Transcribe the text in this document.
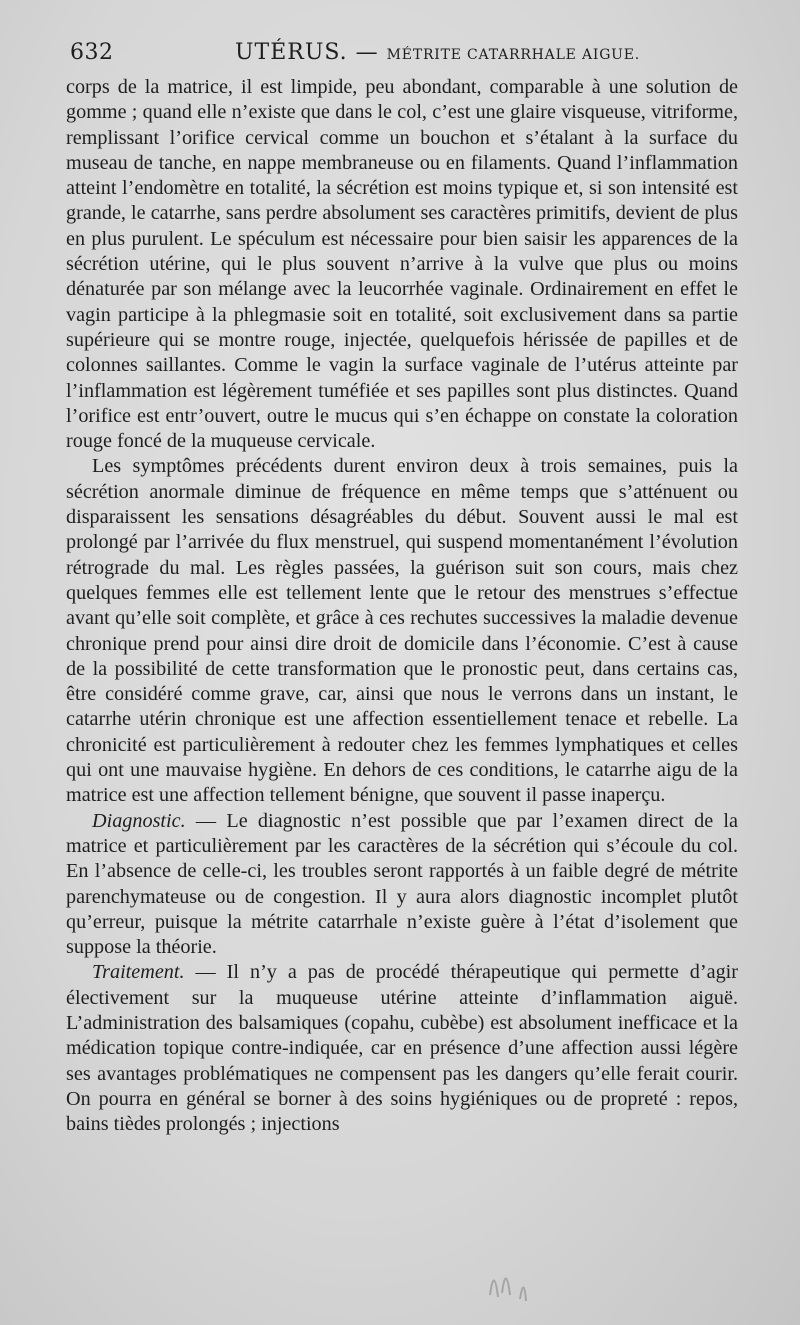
632	UTÉRUS. — MÉTRITE CATARRHALE AIGUE.

corps de la matrice, il est limpide, peu abondant, comparable à une solution de gomme ; quand elle n’existe que dans le col, c’est une glaire visqueuse, vitriforme, remplissant l’orifice cervical comme un bouchon et s’étalant à la surface du museau de tanche, en nappe membraneuse ou en filaments. Quand l’inflammation atteint l’endomètre en totalité, la sécrétion est moins typique et, si son intensité est grande, le catarrhe, sans perdre absolument ses caractères primitifs, devient de plus en plus purulent. Le spéculum est nécessaire pour bien saisir les apparences de la sécrétion utérine, qui le plus souvent n’arrive à la vulve que plus ou moins dénaturée par son mélange avec la leucorrhée vaginale. Ordinairement en effet le vagin participe à la phlegmasie soit en totalité, soit exclusivement dans sa partie supérieure qui se montre rouge, injectée, quelquefois hérissée de papilles et de colonnes saillantes. Comme le vagin la surface vaginale de l’utérus atteinte par l’inflammation est légèrement tuméfiée et ses papilles sont plus distinctes. Quand l’orifice est entr’ouvert, outre le mucus qui s’en échappe on constate la coloration rouge foncé de la muqueuse cervicale.

Les symptômes précédents durent environ deux à trois semaines, puis la sécrétion anormale diminue de fréquence en même temps que s’atténuent ou disparaissent les sensations désagréables du début. Souvent aussi le mal est prolongé par l’arrivée du flux menstruel, qui suspend momentanément l’évolution rétrograde du mal. Les règles passées, la guérison suit son cours, mais chez quelques femmes elle est tellement lente que le retour des menstrues s’effectue avant qu’elle soit complète, et grâce à ces rechutes successives la maladie devenue chronique prend pour ainsi dire droit de domicile dans l’économie. C’est à cause de la possibilité de cette transformation que le pronostic peut, dans certains cas, être considéré comme grave, car, ainsi que nous le verrons dans un instant, le catarrhe utérin chronique est une affection essentiellement tenace et rebelle. La chronicité est particulièrement à redouter chez les femmes lymphatiques et celles qui ont une mauvaise hygiène. En dehors de ces conditions, le catarrhe aigu de la matrice est une affection tellement bénigne, que souvent il passe inaperçu.

Diagnostic. — Le diagnostic n’est possible que par l’examen direct de la matrice et particulièrement par les caractères de la sécrétion qui s’écoule du col. En l’absence de celle-ci, les troubles seront rapportés à un faible degré de métrite parenchymateuse ou de congestion. Il y aura alors diagnostic incomplet plutôt qu’erreur, puisque la métrite catarrhale n’existe guère à l’état d’isolement que suppose la théorie.

Traitement. — Il n’y a pas de procédé thérapeutique qui permette d’agir électivement sur la muqueuse utérine atteinte d’inflammation aiguë. L’administration des balsamiques (copahu, cubèbe) est absolument inefficace et la médication topique contre-indiquée, car en présence d’une affection aussi légère ses avantages problématiques ne compensent pas les dangers qu’elle ferait courir. On pourra en général se borner à des soins hygiéniques ou de propreté : repos, bains tièdes prolongés ; injections
